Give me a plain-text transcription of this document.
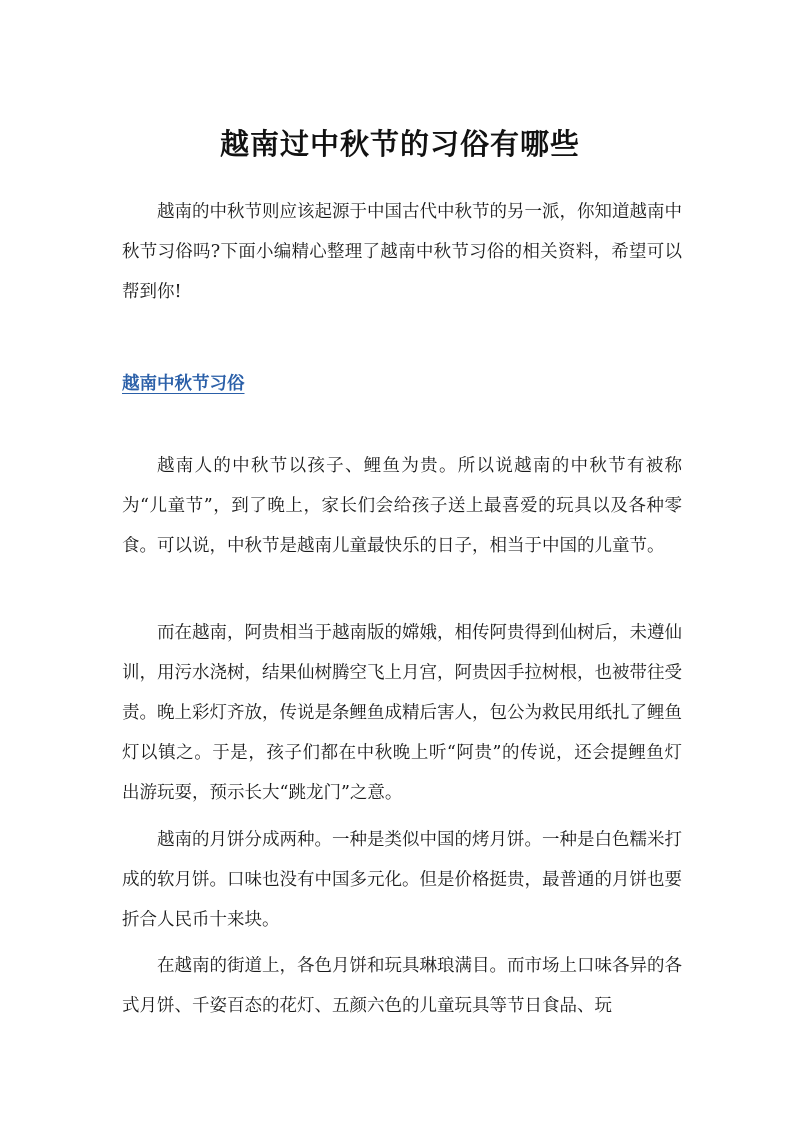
越南过中秋节的习俗有哪些

越南的中秋节则应该起源于中国古代中秋节的另一派，你知道越南中秋节习俗吗?下面小编精心整理了越南中秋节习俗的相关资料，希望可以帮到你!

越南中秋节习俗

越南人的中秋节以孩子、鲤鱼为贵。所以说越南的中秋节有被称为“儿童节”，到了晚上，家长们会给孩子送上最喜爱的玩具以及各种零食。可以说，中秋节是越南儿童最快乐的日子，相当于中国的儿童节。

而在越南，阿贵相当于越南版的嫦娥，相传阿贵得到仙树后，未遵仙训，用污水浇树，结果仙树腾空飞上月宫，阿贵因手拉树根，也被带往受责。晚上彩灯齐放，传说是条鲤鱼成精后害人，包公为救民用纸扎了鲤鱼灯以镇之。于是，孩子们都在中秋晚上听“阿贵”的传说，还会提鲤鱼灯出游玩耍，预示长大“跳龙门”之意。

越南的月饼分成两种。一种是类似中国的烤月饼。一种是白色糯米打成的软月饼。口味也没有中国多元化。但是价格挺贵，最普通的月饼也要折合人民币十来块。

在越南的街道上，各色月饼和玩具琳琅满目。而市场上口味各异的各式月饼、千姿百态的花灯、五颜六色的儿童玩具等节日食品、玩
